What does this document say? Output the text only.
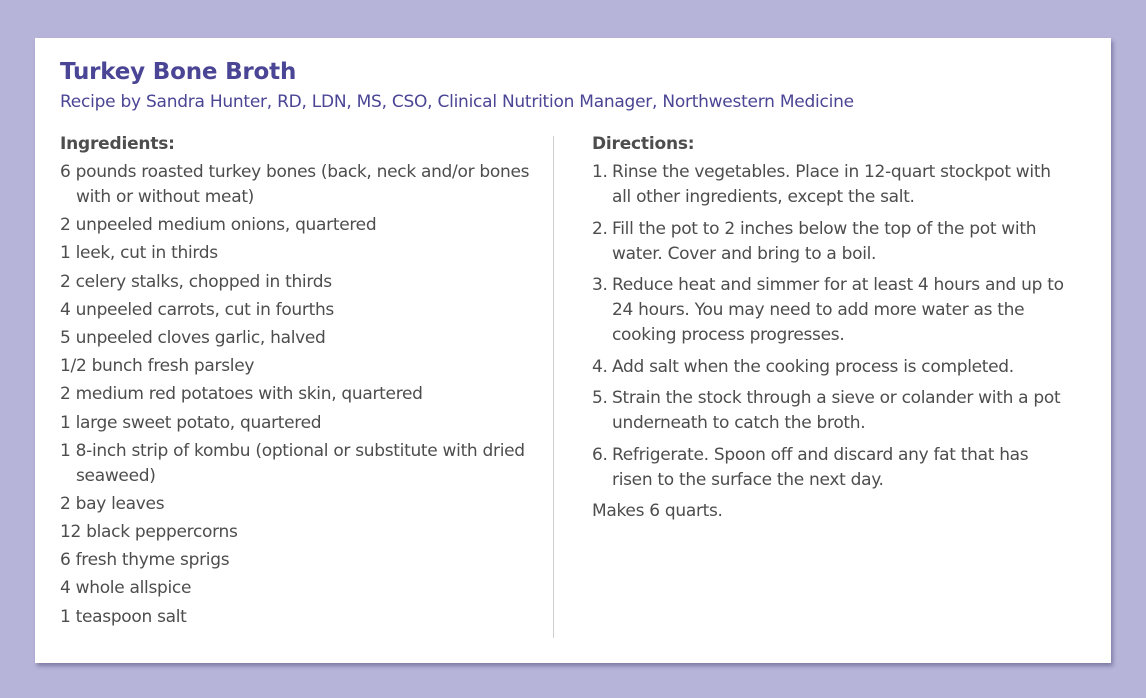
Turkey Bone Broth

Recipe by Sandra Hunter, RD, LDN, MS, CSO, Clinical Nutrition Manager, Northwestern Medicine

Ingredients:
6 pounds roasted turkey bones (back, neck and/or bones with or without meat)
2 unpeeled medium onions, quartered
1 leek, cut in thirds
2 celery stalks, chopped in thirds
4 unpeeled carrots, cut in fourths
5 unpeeled cloves garlic, halved
1/2 bunch fresh parsley
2 medium red potatoes with skin, quartered
1 large sweet potato, quartered
1 8-inch strip of kombu (optional or substitute with dried seaweed)
2 bay leaves
12 black peppercorns
6 fresh thyme sprigs
4 whole allspice
1 teaspoon salt
Directions:
1. Rinse the vegetables. Place in 12-quart stockpot with all other ingredients, except the salt.
2. Fill the pot to 2 inches below the top of the pot with water. Cover and bring to a boil.
3. Reduce heat and simmer for at least 4 hours and up to 24 hours. You may need to add more water as the cooking process progresses.
4. Add salt when the cooking process is completed.
5. Strain the stock through a sieve or colander with a pot underneath to catch the broth.
6. Refrigerate. Spoon off and discard any fat that has risen to the surface the next day.

Makes 6 quarts.
